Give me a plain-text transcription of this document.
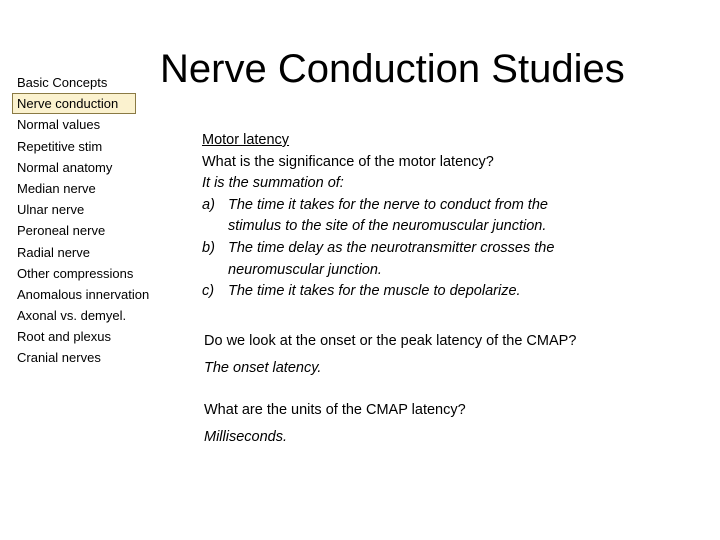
Nerve Conduction Studies
Basic Concepts
Nerve conduction
Normal values
Repetitive stim
Normal anatomy
Median nerve
Ulnar nerve
Peroneal nerve
Radial nerve
Other compressions
Anomalous innervation
Axonal vs. demyel.
Root and plexus
Cranial nerves
Motor latency
What is the significance of the motor latency?
It is the summation of:
a) The time it takes for the nerve to conduct from the
stimulus to the site of the neuromuscular junction.
b) The time delay as the neurotransmitter crosses the
neuromuscular junction.
c) The time it takes for the muscle to depolarize.
Do we look at the onset or the peak latency of the CMAP?
The onset latency.
What are the units of the CMAP latency?
Milliseconds.
